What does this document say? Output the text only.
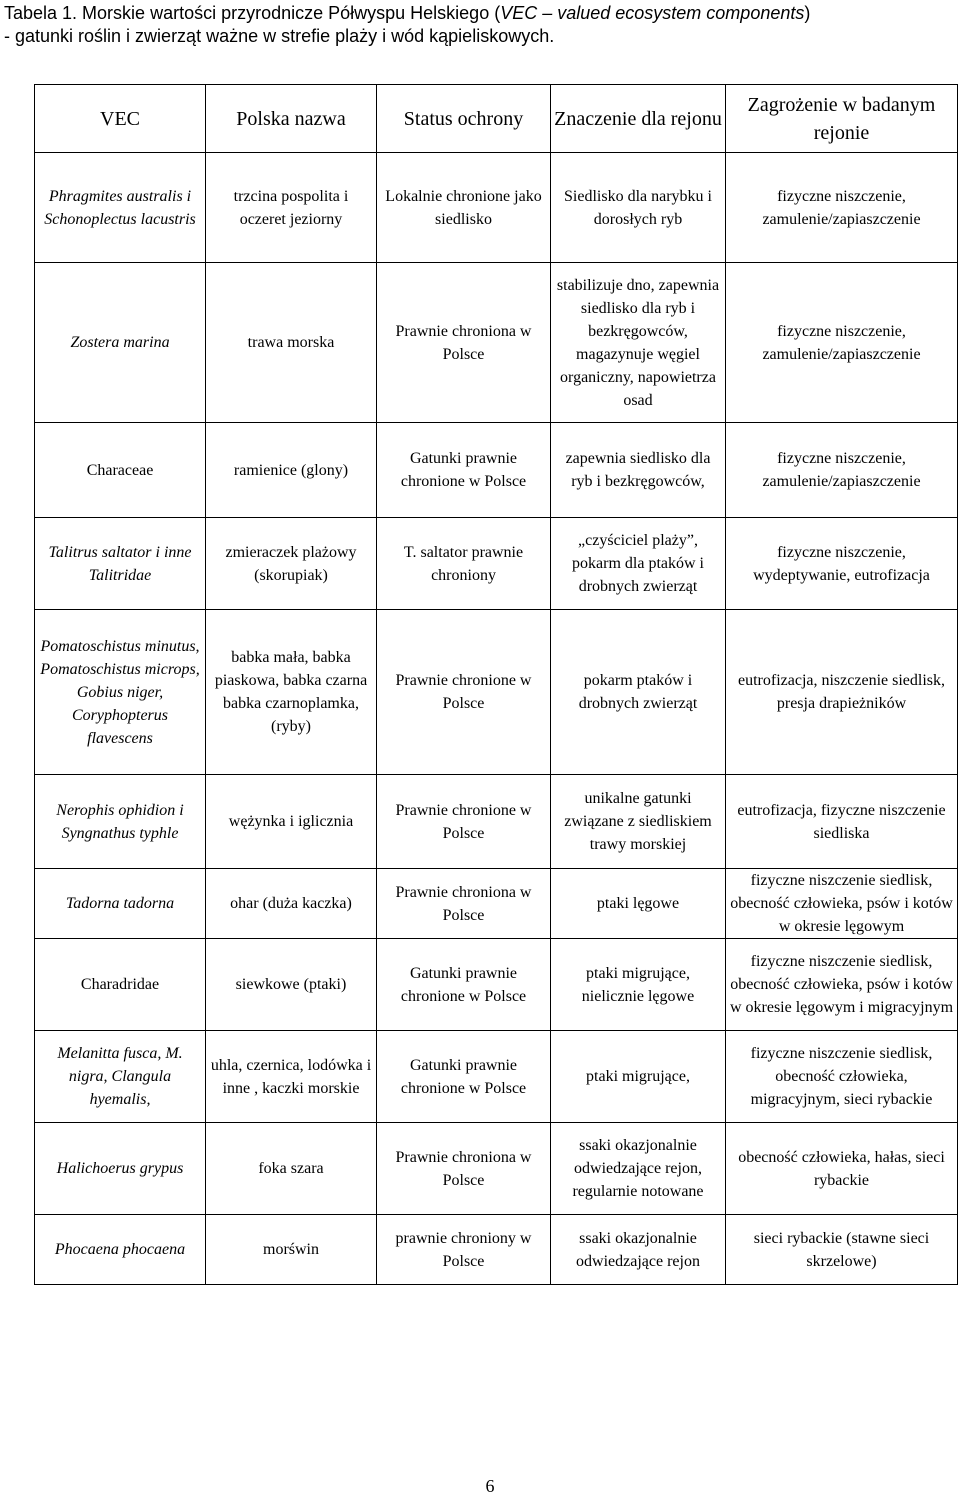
Tabela 1. Morskie wartości przyrodnicze Półwyspu Helskiego (VEC – valued ecosystem components)
- gatunki roślin i zwierząt ważne w strefie plaży i wód kąpieliskowych.
VEC	Polska nazwa	Status ochrony	Znaczenie dla rejonu	Zagrożenie w badanym rejonie
Phragmites australis i Schonoplectus lacustris	trzcina pospolita i oczeret jeziorny	Lokalnie chronione jako siedlisko	Siedlisko dla narybku i dorosłych ryb	fizyczne niszczenie, zamulenie/zapiaszczenie
Zostera marina	trawa morska	Prawnie chroniona w Polsce	stabilizuje dno, zapewnia siedlisko dla ryb i bezkręgowców, magazynuje węgiel organiczny, napowietrza osad	fizyczne niszczenie, zamulenie/zapiaszczenie
Characeae	ramienice (glony)	Gatunki prawnie chronione w Polsce	zapewnia siedlisko dla ryb i bezkręgowców,	fizyczne niszczenie, zamulenie/zapiaszczenie
Talitrus saltator i inne Talitridae	zmieraczek plażowy (skorupiak)	T. saltator prawnie chroniony	„czyściciel plaży”, pokarm dla ptaków i drobnych zwierząt	fizyczne niszczenie, wydeptywanie, eutrofizacja
Pomatoschistus minutus, Pomatoschistus microps, Gobius niger, Coryphopterus flavescens	babka mała, babka piaskowa, babka czarna babka czarnoplamka, (ryby)	Prawnie chronione w Polsce	pokarm ptaków i drobnych zwierząt	eutrofizacja, niszczenie siedlisk, presja drapieżników
Nerophis ophidion i Syngnathus typhle	wężynka i iglicznia	Prawnie chronione w Polsce	unikalne gatunki związane z siedliskiem trawy morskiej	eutrofizacja, fizyczne niszczenie siedliska
Tadorna tadorna	ohar (duża kaczka)	Prawnie chroniona w Polsce	ptaki lęgowe	fizyczne niszczenie siedlisk, obecność człowieka, psów i kotów w okresie lęgowym
Charadridae	siewkowe (ptaki)	Gatunki prawnie chronione w Polsce	ptaki migrujące, nielicznie lęgowe	fizyczne niszczenie siedlisk, obecność człowieka, psów i kotów w okresie lęgowym i migracyjnym
Melanitta fusca, M. nigra, Clangula hyemalis,	uhla, czernica, lodówka i inne , kaczki morskie	Gatunki prawnie chronione w Polsce	ptaki migrujące,	fizyczne niszczenie siedlisk, obecność człowieka, migracyjnym, sieci rybackie
Halichoerus grypus	foka szara	Prawnie chroniona w Polsce	ssaki okazjonalnie odwiedzające rejon, regularnie notowane	obecność człowieka, hałas, sieci rybackie
Phocaena phocaena	morświn	prawnie chroniony w Polsce	ssaki okazjonalnie odwiedzające rejon	sieci rybackie (stawne sieci skrzelowe)
6
